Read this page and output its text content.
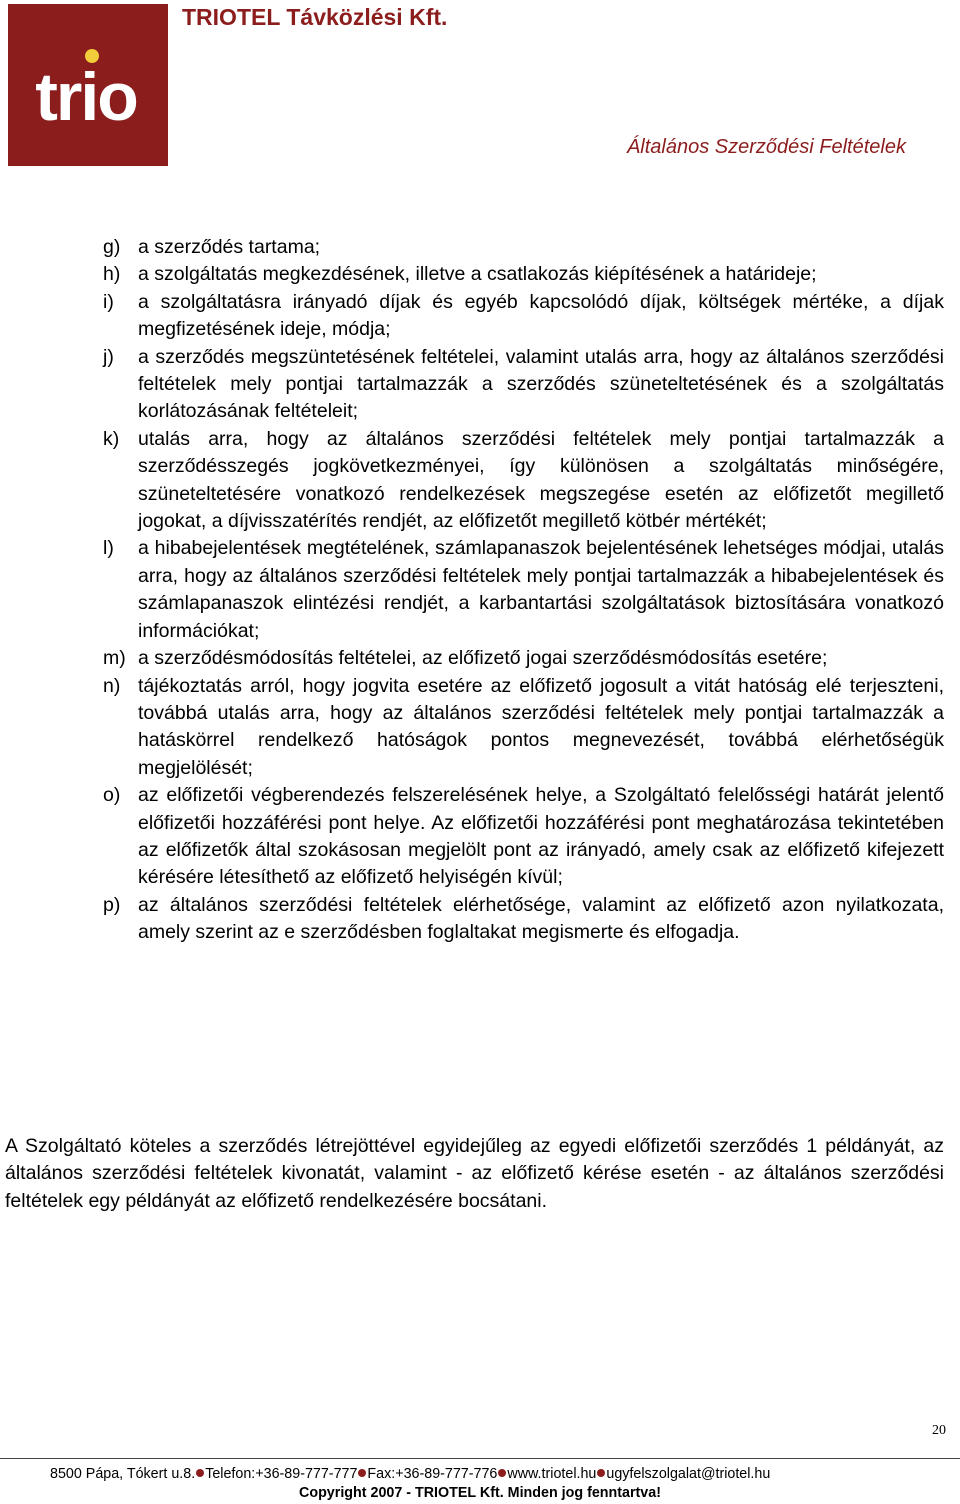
trio
TRIOTEL Távközlési Kft.
Általános Szerződési Feltételek
g) a szerződés tartama;
h) a szolgáltatás megkezdésének, illetve a csatlakozás kiépítésének a határideje;
i) a szolgáltatásra irányadó díjak és egyéb kapcsolódó díjak, költségek mértéke, a díjak megfizetésének ideje, módja;
j) a szerződés megszüntetésének feltételei, valamint utalás arra, hogy az általános szerződési feltételek mely pontjai tartalmazzák a szerződés szüneteltetésének és a szolgáltatás korlátozásának feltételeit;
k) utalás arra, hogy az általános szerződési feltételek mely pontjai tartalmazzák a szerződésszegés jogkövetkezményei, így különösen a szolgáltatás minőségére, szüneteltetésére vonatkozó rendelkezések megszegése esetén az előfizetőt megillető jogokat, a díjvisszatérítés rendjét, az előfizetőt megillető kötbér mértékét;
l) a hibabejelentések megtételének, számlapanaszok bejelentésének lehetséges módjai, utalás arra, hogy az általános szerződési feltételek mely pontjai tartalmazzák a hibabejelentések és számlapanaszok elintézési rendjét, a karbantartási szolgáltatások biztosítására vonatkozó információkat;
m) a szerződésmódosítás feltételei, az előfizető jogai szerződésmódosítás esetére;
n) tájékoztatás arról, hogy jogvita esetére az előfizető jogosult a vitát hatóság elé terjeszteni, továbbá utalás arra, hogy az általános szerződési feltételek mely pontjai tartalmazzák a hatáskörrel rendelkező hatóságok pontos megnevezését, továbbá elérhetőségük megjelölését;
o) az előfizetői végberendezés felszerelésének helye, a Szolgáltató felelősségi határát jelentő előfizetői hozzáférési pont helye. Az előfizetői hozzáférési pont meghatározása tekintetében az előfizetők által szokásosan megjelölt pont az irányadó, amely csak az előfizető kifejezett kérésére létesíthető az előfizető helyiségén kívül;
p) az általános szerződési feltételek elérhetősége, valamint az előfizető azon nyilatkozata, amely szerint az e szerződésben foglaltakat megismerte és elfogadja.

A Szolgáltató köteles a szerződés létrejöttével egyidejűleg az egyedi előfizetői szerződés 1 példányát, az általános szerződési feltételek kivonatát, valamint - az előfizető kérése esetén - az általános szerződési feltételek egy példányát az előfizető rendelkezésére bocsátani.

20
8500 Pápa, Tókert u.8. Telefon:+36-89-777-777 Fax:+36-89-777-776 www.triotel.hu ugyfelszolgalat@triotel.hu
Copyright 2007 - TRIOTEL Kft. Minden jog fenntartva!
